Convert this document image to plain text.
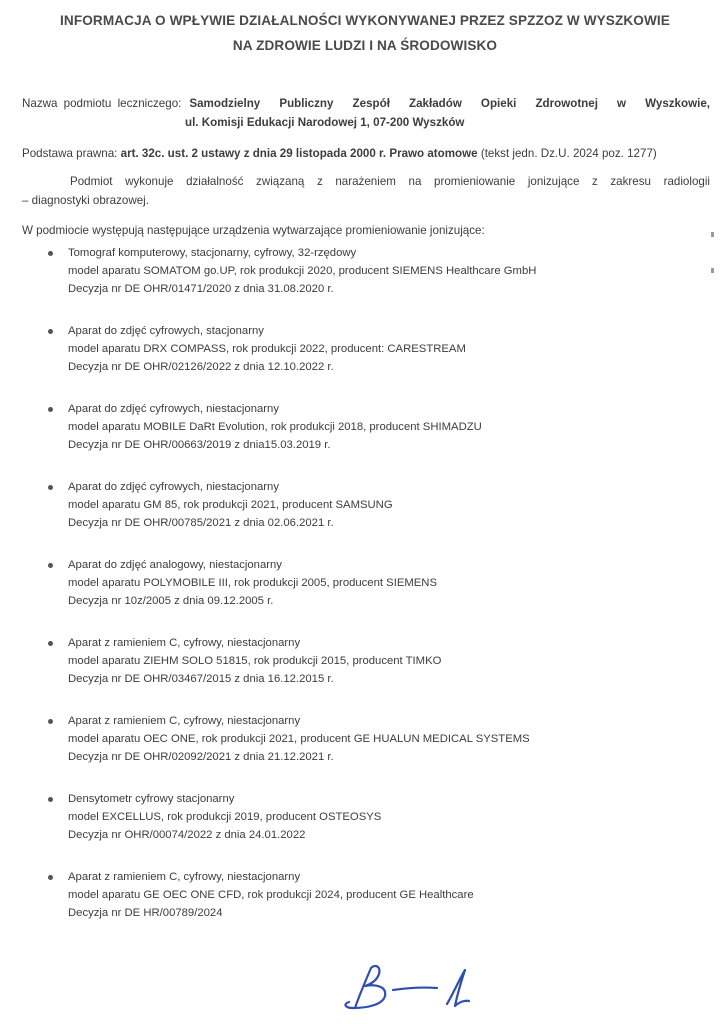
INFORMACJA O WPŁYWIE DZIAŁALNOŚCI WYKONYWANEJ PRZEZ SPZZOZ W WYSZKOWIE
NA ZDROWIE LUDZI I NA ŚRODOWISKO
Nazwa podmiotu leczniczego: Samodzielny Publiczny Zespół Zakładów Opieki Zdrowotnej w Wyszkowie,
ul. Komisji Edukacji Narodowej 1, 07-200 Wyszków
Podstawa prawna: art. 32c. ust. 2 ustawy z dnia 29 listopada 2000 r. Prawo atomowe (tekst jedn. Dz.U. 2024 poz. 1277)
Podmiot wykonuje działalność związaną z narażeniem na promieniowanie jonizujące z zakresu radiologii
– diagnostyki obrazowej.
W podmiocie występują następujące urządzenia wytwarzające promieniowanie jonizujące:
Tomograf komputerowy, stacjonarny, cyfrowy, 32-rzędowy
model aparatu SOMATOM go.UP, rok produkcji 2020, producent SIEMENS Healthcare GmbH
Decyzja nr DE OHR/01471/2020 z dnia 31.08.2020 r.
Aparat do zdjęć cyfrowych, stacjonarny
model aparatu DRX COMPASS, rok produkcji 2022, producent: CARESTREAM
Decyzja nr DE OHR/02126/2022 z dnia 12.10.2022 r.
Aparat do zdjęć cyfrowych, niestacjonarny
model aparatu MOBILE DaRt Evolution, rok produkcji 2018, producent SHIMADZU
Decyzja nr DE OHR/00663/2019 z dnia15.03.2019 r.
Aparat do zdjęć cyfrowych, niestacjonarny
model aparatu GM 85, rok produkcji 2021, producent SAMSUNG
Decyzja nr DE OHR/00785/2021 z dnia 02.06.2021 r.
Aparat do zdjęć analogowy, niestacjonarny
model aparatu POLYMOBILE III, rok produkcji 2005, producent SIEMENS
Decyzja nr 10z/2005 z dnia 09.12.2005 r.
Aparat z ramieniem C, cyfrowy, niestacjonarny
model aparatu ZIEHM SOLO 51815, rok produkcji 2015, producent TIMKO
Decyzja nr DE OHR/03467/2015 z dnia 16.12.2015 r.
Aparat z ramieniem C, cyfrowy, niestacjonarny
model aparatu OEC ONE, rok produkcji 2021, producent GE HUALUN MEDICAL SYSTEMS
Decyzja nr DE OHR/02092/2021 z dnia 21.12.2021 r.
Densytometr cyfrowy stacjonarny
model EXCELLUS, rok produkcji 2019, producent OSTEOSYS
Decyzja nr OHR/00074/2022 z dnia 24.01.2022
Aparat z ramieniem C, cyfrowy, niestacjonarny
model aparatu GE OEC ONE CFD, rok produkcji 2024, producent GE Healthcare
Decyzja nr DE HR/00789/2024
